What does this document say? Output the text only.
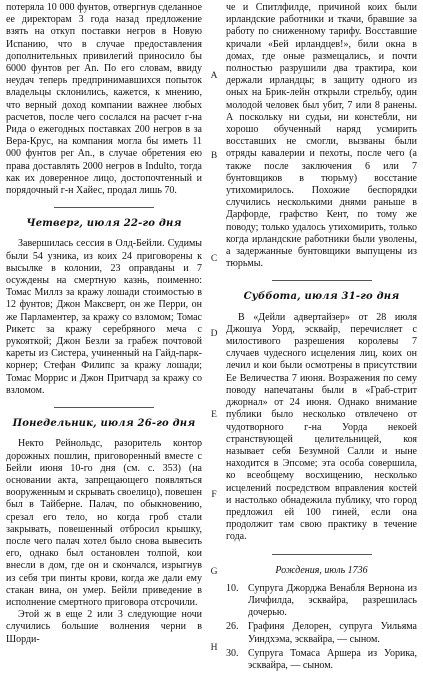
потеряла 10 000 фунтов, отвергнув сделанное ее директорам 3 года назад предложение взять на откуп поставки негров в Новую Испанию, что в случае предоставления дополнительных привилегий приносило бы 6000 фунтов per An. По его словам, ввиду неудач теперь предпринимавшихся попыток владельцы склонились, кажется, к мнению, что верный доход компании важнее любых расчетов, после чего сослался на расчет г-на Рида о ежегодных поставках 200 негров в за Вера-Крус, на компания могла бы иметь 11 000 фунтов per An., в случае обретения ею права доставлять 2000 негров в Indulto, тогда как их доверенное лицо, достопочтенный и порядочный г-н Хайес, продал лишь 70.

Четверг, июля 22-го дня

Завершилась сессия в Олд-Бейли. Судимы были 54 узника, из коих 24 приговорены к высылке в колонии, 23 оправданы и 7 осуждены на смертную казнь, поименно: Томас Миллз за кражу лошади стоимостью в 12 фунтов; Джон Максверт, он же Перри, он же Парламентер, за кражу со взломом; Томас Рикетс за кражу серебряного меча с рукояткой; Джон Безли за грабеж почтовой кареты из Систера, учиненный на Гайд-парк-корнер; Стефан Филипс за кражу лошади; Томас Моррис и Джон Притчард за кражу со взломом.

Понедельник, июля 26-го дня

Некто Рейнольдс, разоритель контор дорожных пошлин, приговоренный вместе с Бейли июня 10-го дня (см. с. 353) (на основании акта, запрещающего появляться вооруженным и скрывать своелицо), повешен был в Тайберне. Палач, по обыкновению, срезал его тело, но когда гроб стали закрывать, повешенный отбросил крышку, после чего палач хотел было снова вывесить его, однако был остановлен толпой, кои внесли в дом, где он и скончался, изрыгнув из себя три пинты крови, когда же дали ему стакан вина, он умер. Бейли приведение в исполнение смертного приговора отсрочили.

Этой ж в еще 2 или 3 следующие ночи случились большие волнения черни в Шорди-

A
B
C
D
E
F
G
H

че и Спитлфилде, причиной коих были ирландские работники и ткачи, бравшие за работу по сниженному тарифу. Восставшие кричали «Бей ирландцев!», били окна в домах, где оные размещались, и почти полностью разрушили два трактира, кои держали ирландцы; в защиту одного из оных на Брик-лейн открыли стрельбу, один молодой человек был убит, 7 или 8 ранены. А поскольку ни судьи, ни констебли, ни хорошо обученный наряд усмирить восставших не смогли, вызваны были отряды кавалерии и пехоты, после чего (а также после заключения 6 или 7 бунтовщиков в тюрьму) восстание утихомирилось. Похожие беспорядки случились несколькими днями раньше в Дарфорде, графство Кент, по тому же поводу; только удалось утихомирить, только когда ирландские работники были уволены, а задержанные бунтовщики выпущены из тюрьмы.

Суббота, июля 31-го дня

В «Дейли адвертайзер» от 28 июля Джошуа Уорд, эсквайр, перечисляет с милостивого разрешения королевы 7 случаев чудесного исцеления лиц, коих он лечил и кои были осмотрены в присутствии Ее Величества 7 июня. Возражения по сему поводу напечатаны были в «Граб-стрит джорнал» от 24 июня. Однако внимание публики было несколько отвлечено от чудотворного г-на Уорда некоей странствующей целительницей, коя называет себя Безумной Салли и ныне находится в Эпсоме; эта особа совершила, ко всеобщему восхищению, несколько исцелений посредством вправления костей и настолько обнадежила публику, что город предложил ей 100 гиней, если она продолжит там свою практику в течение года.

Рождения, июль 1736
10. Супруга Джорджа Венабля Вернона из Личфилда, эсквайра, разрешилась дочерью.
26. Графиня Делорен, супруга Уильяма Уиндхэма, эсквайра, — сыном.
30. Супруга Томаса Аршера из Уорика, эсквайра, — сыном.
